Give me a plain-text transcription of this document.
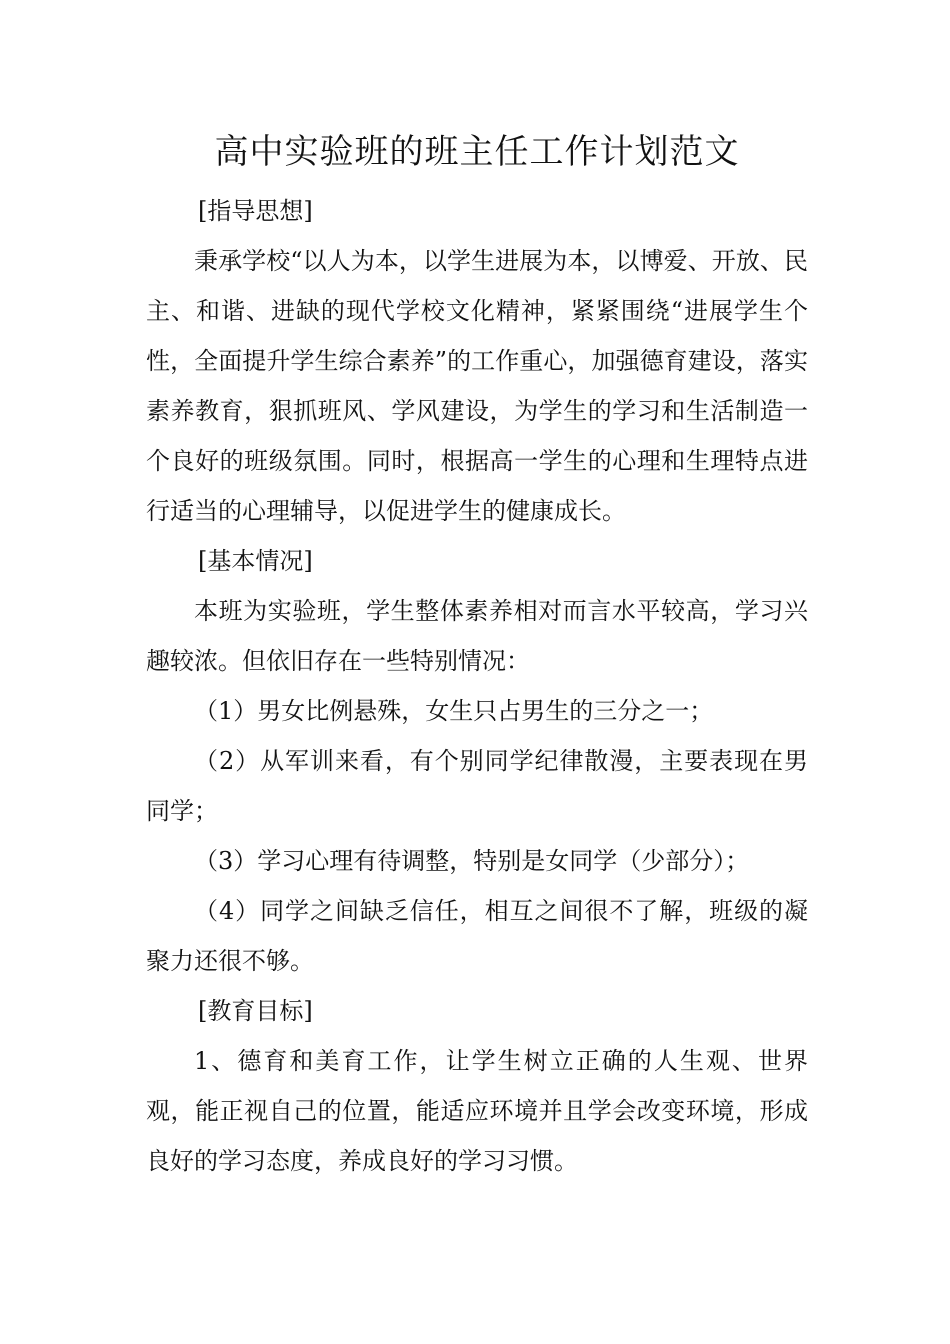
高中实验班的班主任工作计划范文

[指导思想]

秉承学校“以人为本，以学生进展为本，以博爱、开放、民主、和谐、进缺的现代学校文化精神，紧紧围绕“进展学生个性，全面提升学生综合素养”的工作重心，加强德育建设，落实素养教育，狠抓班风、学风建设，为学生的学习和生活制造一个良好的班级氛围。同时，根据高一学生的心理和生理特点进行适当的心理辅导，以促进学生的健康成长。

[基本情况]

本班为实验班，学生整体素养相对而言水平较高，学习兴趣较浓。但依旧存在一些特别情况：

（1）男女比例悬殊，女生只占男生的三分之一；

（2）从军训来看，有个别同学纪律散漫，主要表现在男同学；

（3）学习心理有待调整，特别是女同学（少部分）；

（4）同学之间缺乏信任，相互之间很不了解，班级的凝聚力还很不够。

[教育目标]

1、德育和美育工作，让学生树立正确的人生观、世界观，能正视自己的位置，能适应环境并且学会改变环境，形成良好的学习态度，养成良好的学习习惯。
